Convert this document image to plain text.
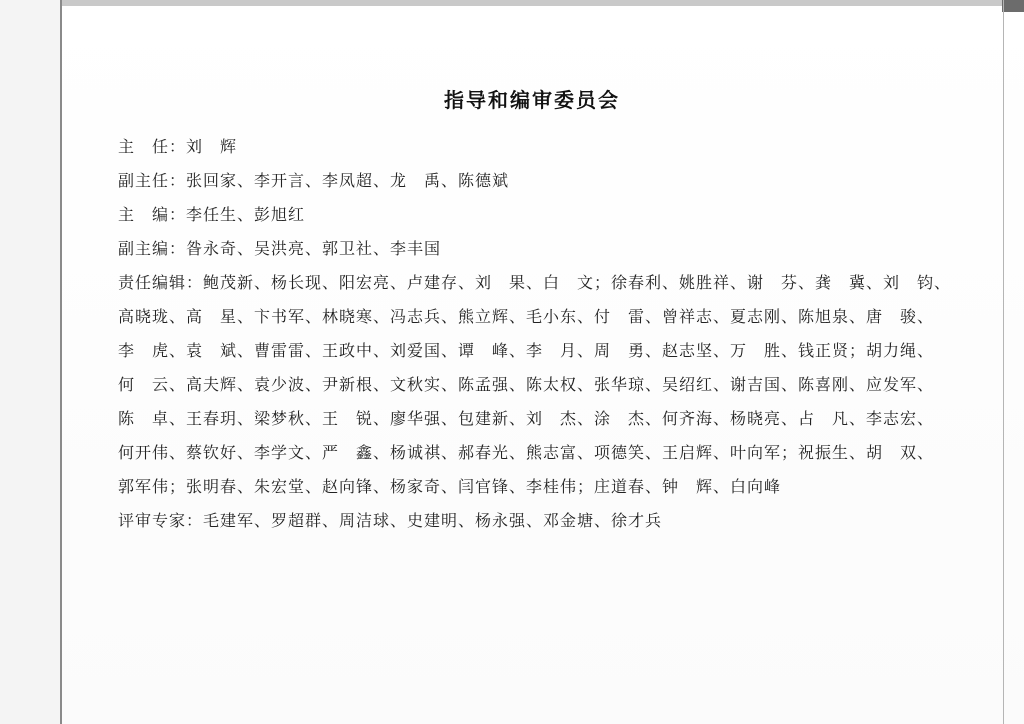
指导和编审委员会
主　任：刘　辉
副主任：张回家、李开言、李凤超、龙　禹、陈德斌
主　编：李任生、彭旭红
副主编：昝永奇、吴洪亮、郭卫社、李丰国
责任编辑：鲍茂新、杨长现、阳宏亮、卢建存、刘　果、白　文；徐春利、姚胜祥、谢　芬、龚　冀、刘　钧、
高晓珑、高　星、卞书军、林晓寒、冯志兵、熊立辉、毛小东、付　雷、曾祥志、夏志刚、陈旭泉、唐　骏、
李　虎、袁　斌、曹雷雷、王政中、刘爱国、谭　峰、李　月、周　勇、赵志坚、万　胜、钱正贤；胡力绳、
何　云、高夫辉、袁少波、尹新根、文秋实、陈孟强、陈太权、张华琼、吴绍红、谢吉国、陈喜刚、应发军、
陈　卓、王春玥、梁梦秋、王　锐、廖华强、包建新、刘　杰、涂　杰、何齐海、杨晓亮、占　凡、李志宏、
何开伟、蔡钦好、李学文、严　鑫、杨诚祺、郝春光、熊志富、项德笑、王启辉、叶向军；祝振生、胡　双、
郭军伟；张明春、朱宏堂、赵向锋、杨家奇、闫官锋、李桂伟；庄道春、钟　辉、白向峰
评审专家：毛建军、罗超群、周洁球、史建明、杨永强、邓金塘、徐才兵
